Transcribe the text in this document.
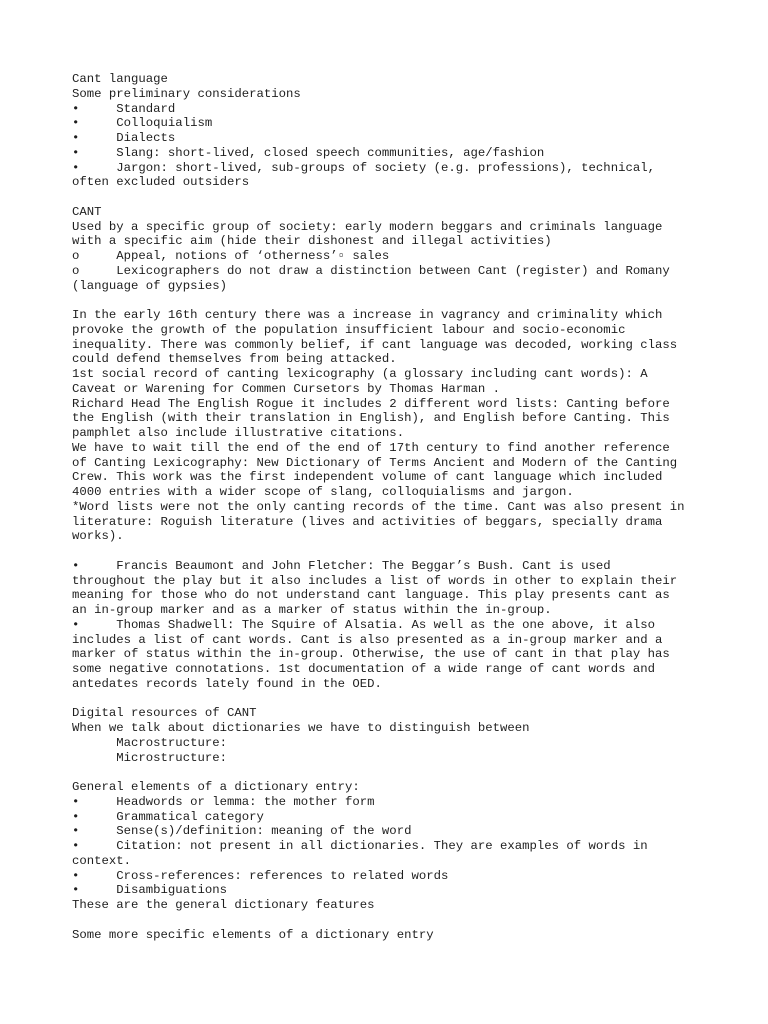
Cant language
Some preliminary considerations
•     Standard
•     Colloquialism
•     Dialects
•     Slang: short-lived, closed speech communities, age/fashion
•     Jargon: short-lived, sub-groups of society (e.g. professions), technical,
often excluded outsiders
CANT
Used by a specific group of society: early modern beggars and criminals language
with a specific aim (hide their dishonest and illegal activities)
o     Appeal, notions of ‘otherness’▫ sales
o     Lexicographers do not draw a distinction between Cant (register) and Romany
(language of gypsies)
In the early 16th century there was a increase in vagrancy and criminality which
provoke the growth of the population insufficient labour and socio-economic
inequality. There was commonly belief, if cant language was decoded, working class
could defend themselves from being attacked.
1st social record of canting lexicography (a glossary including cant words): A
Caveat or Warening for Commen Cursetors by Thomas Harman .
Richard Head The English Rogue it includes 2 different word lists: Canting before
the English (with their translation in English), and English before Canting. This
pamphlet also include illustrative citations.
We have to wait till the end of the end of 17th century to find another reference
of Canting Lexicography: New Dictionary of Terms Ancient and Modern of the Canting
Crew. This work was the first independent volume of cant language which included
4000 entries with a wider scope of slang, colloquialisms and jargon.
*Word lists were not the only canting records of the time. Cant was also present in
literature: Roguish literature (lives and activities of beggars, specially drama
works).
•     Francis Beaumont and John Fletcher: The Beggar’s Bush. Cant is used
throughout the play but it also includes a list of words in other to explain their
meaning for those who do not understand cant language. This play presents cant as
an in-group marker and as a marker of status within the in-group.
•     Thomas Shadwell: The Squire of Alsatia. As well as the one above, it also
includes a list of cant words. Cant is also presented as a in-group marker and a
marker of status within the in-group. Otherwise, the use of cant in that play has
some negative connotations. 1st documentation of a wide range of cant words and
antedates records lately found in the OED.
Digital resources of CANT
When we talk about dictionaries we have to distinguish between
Macrostructure:
Microstructure:
General elements of a dictionary entry:
•     Headwords or lemma: the mother form
•     Grammatical category
•     Sense(s)/definition: meaning of the word
•     Citation: not present in all dictionaries. They are examples of words in
context.
•     Cross-references: references to related words
•     Disambiguations
These are the general dictionary features
Some more specific elements of a dictionary entry
